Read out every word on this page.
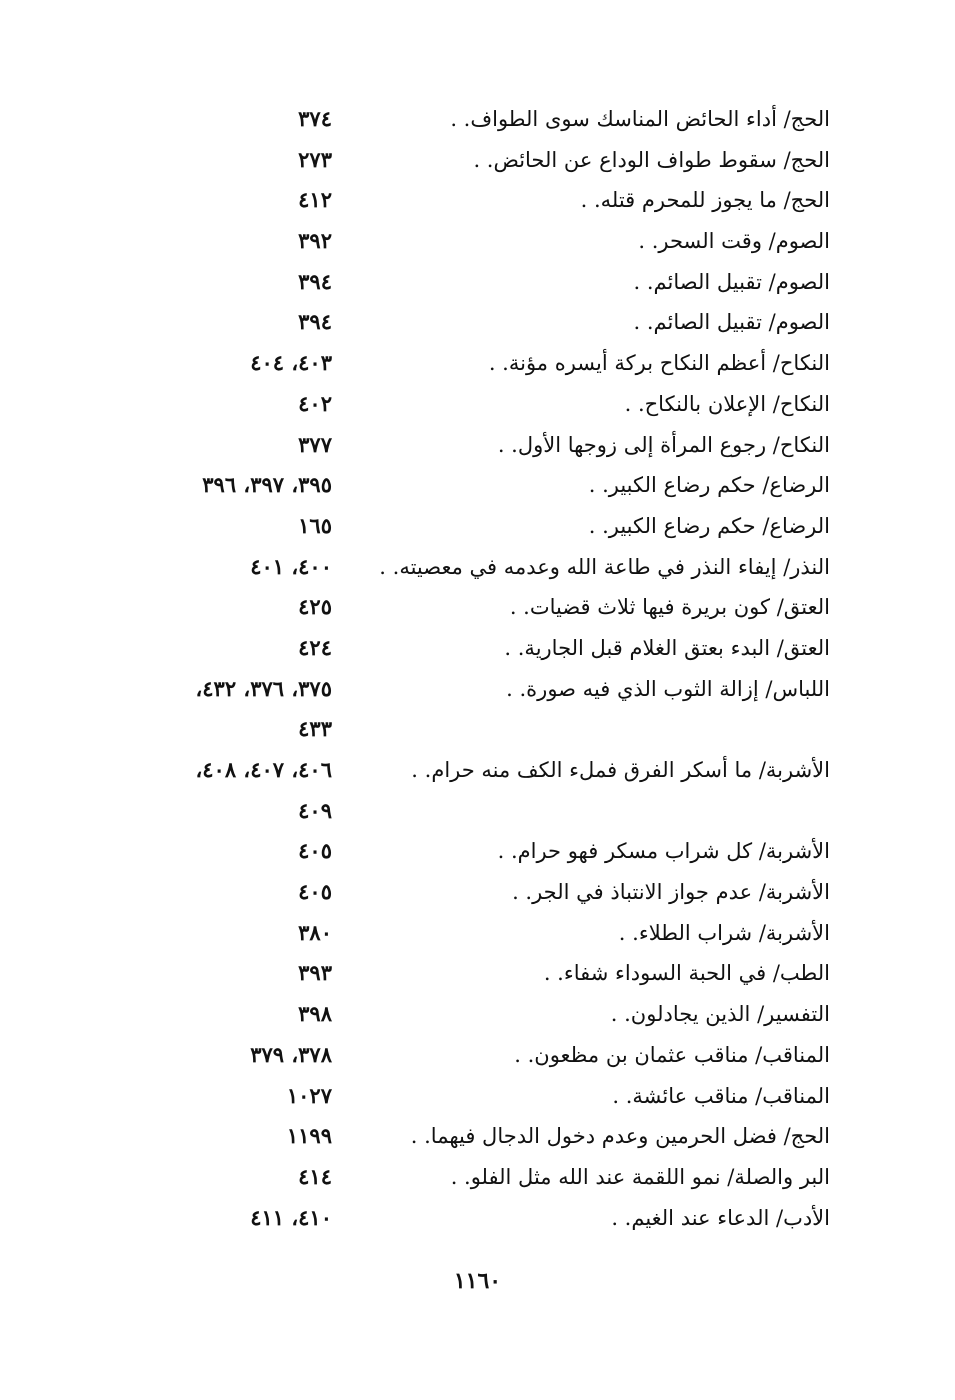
الحج/ أداء الحائض المناسك سوى الطواف. .
٣٧٤
الحج/ سقوط طواف الوداع عن الحائض. .
٢٧٣
الحج/ ما يجوز للمحرم قتله. .
٤١٢
الصوم/ وقت السحر. .
٣٩٢
الصوم/ تقبيل الصائم. .
٣٩٤
الصوم/ تقبيل الصائم. .
٣٩٤
النكاح/ أعظم النكاح بركة أيسره مؤنة. .
٤٠٣، ٤٠٤
النكاح/ الإعلان بالنكاح. .
٤٠٢
النكاح/ رجوع المرأة إلى زوجها الأول. .
٣٧٧
الرضاع/ حكم رضاع الكبير. .
٣٩٥، ٣٩٧، ٣٩٦
الرضاع/ حكم رضاع الكبير. .
١٦٥
النذر/ إيفاء النذر في طاعة الله وعدمه في معصيته. .
٤٠٠، ٤٠١
العتق/ كون بريرة فيها ثلاث قضيات. .
٤٢٥
العتق/ البدء بعتق الغلام قبل الجارية. .
٤٢٤
اللباس/ إزالة الثوب الذي فيه صورة. .
٣٧٥، ٣٧٦، ٤٣٢،
٤٣٣
الأشربة/ ما أسكر الفرق فملء الكف منه حرام. .
٤٠٦، ٤٠٧، ٤٠٨،
٤٠٩
الأشربة/ كل شراب مسكر فهو حرام. .
٤٠٥
الأشربة/ عدم جواز الانتباذ في الجر. .
٤٠٥
الأشربة/ شراب الطلاء. .
٣٨٠
الطب/ في الحبة السوداء شفاء. .
٣٩٣
التفسير/ الذين يجادلون. .
٣٩٨
المناقب/ مناقب عثمان بن مظعون. .
٣٧٨، ٣٧٩
المناقب/ مناقب عائشة. .
١٠٢٧
الحج/ فضل الحرمين وعدم دخول الدجال فيهما. .
١١٩٩
البر والصلة/ نمو اللقمة عند الله مثل الفلو. .
٤١٤
الأدب/ الدعاء عند الغيم. .
٤١٠، ٤١١
١١٦٠
